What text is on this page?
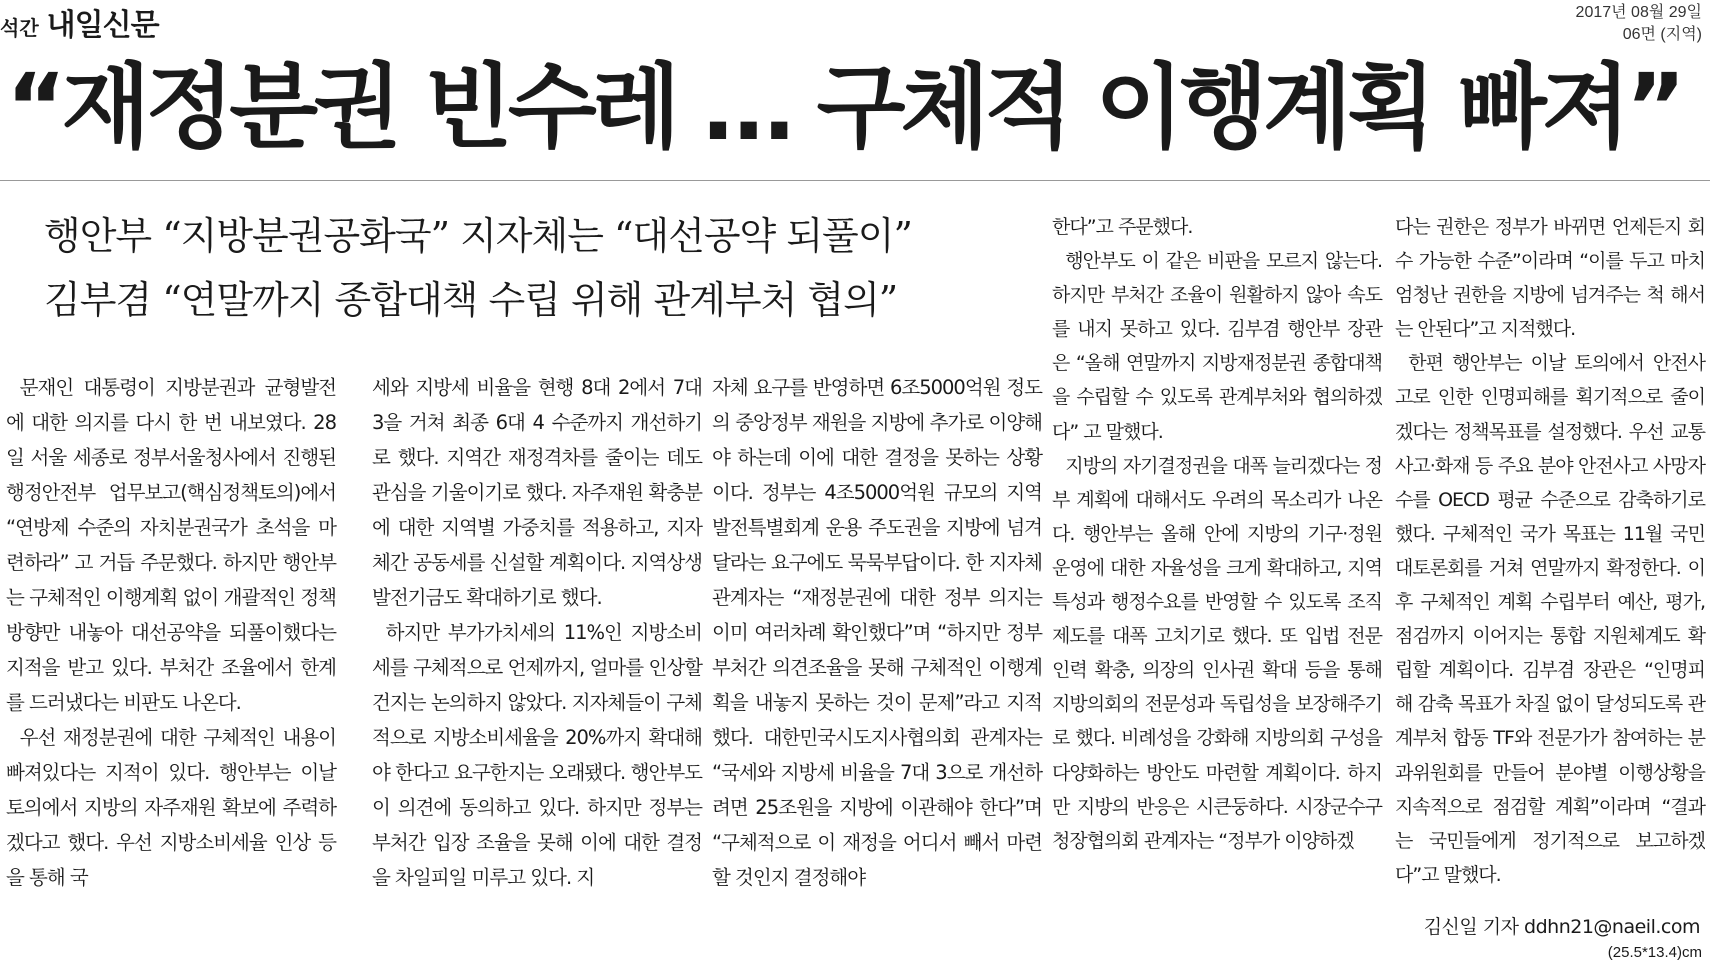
석간 내일신문	2017년 08월 29일
06면 (지역)
“재정분권 빈수레 … 구체적 이행계획 빠져”
행안부 “지방분권공화국” 지자체는 “대선공약 되풀이”
김부겸 “연말까지 종합대책 수립 위해 관계부처 협의”

문재인 대통령이 지방분권과 균형발전에 대한 의지를 다시 한 번 내보였다. 28일 서울 세종로 정부서울청사에서 진행된 행정안전부 업무보고(핵심정책토의)에서 “연방제 수준의 자치분권국가 초석을 마련하라” 고 거듭 주문했다. 하지만 행안부는 구체적인 이행계획 없이 개괄적인 정책방향만 내놓아 대선공약을 되풀이했다는 지적을 받고 있다. 부처간 조율에서 한계를 드러냈다는 비판도 나온다.

우선 재정분권에 대한 구체적인 내용이 빠져있다는 지적이 있다. 행안부는 이날 토의에서 지방의 자주재원 확보에 주력하겠다고 했다. 우선 지방소비세율 인상 등을 통해 국

세와 지방세 비율을 현행 8대 2에서 7대 3을 거쳐 최종 6대 4 수준까지 개선하기로 했다. 지역간 재정격차를 줄이는 데도 관심을 기울이기로 했다. 자주재원 확충분에 대한 지역별 가중치를 적용하고, 지자체간 공동세를 신설할 계획이다. 지역상생발전기금도 확대하기로 했다.

하지만 부가가치세의 11%인 지방소비세를 구체적으로 언제까지, 얼마를 인상할 건지는 논의하지 않았다. 지자체들이 구체적으로 지방소비세율을 20%까지 확대해야 한다고 요구한지는 오래됐다. 행안부도 이 의견에 동의하고 있다. 하지만 정부는 부처간 입장 조율을 못해 이에 대한 결정을 차일피일 미루고 있다. 지

자체 요구를 반영하면 6조5000억원 정도의 중앙정부 재원을 지방에 추가로 이양해야 하는데 이에 대한 결정을 못하는 상황이다. 정부는 4조5000억원 규모의 지역발전특별회계 운용 주도권을 지방에 넘겨달라는 요구에도 묵묵부답이다. 한 지자체 관계자는 “재정분권에 대한 정부 의지는 이미 여러차례 확인했다”며 “하지만 정부 부처간 의견조율을 못해 구체적인 이행계획을 내놓지 못하는 것이 문제”라고 지적했다. 대한민국시도지사협의회 관계자는 “국세와 지방세 비율을 7대 3으로 개선하려면 25조원을 지방에 이관해야 한다”며 “구체적으로 이 재정을 어디서 빼서 마련할 것인지 결정해야

한다”고 주문했다.

행안부도 이 같은 비판을 모르지 않는다. 하지만 부처간 조율이 원활하지 않아 속도를 내지 못하고 있다. 김부겸 행안부 장관은 “올해 연말까지 지방재정분권 종합대책을 수립할 수 있도록 관계부처와 협의하겠다” 고 말했다.

지방의 자기결정권을 대폭 늘리겠다는 정부 계획에 대해서도 우려의 목소리가 나온다. 행안부는 올해 안에 지방의 기구·정원 운영에 대한 자율성을 크게 확대하고, 지역특성과 행정수요를 반영할 수 있도록 조직제도를 대폭 고치기로 했다. 또 입법 전문인력 확충, 의장의 인사권 확대 등을 통해 지방의회의 전문성과 독립성을 보장해주기로 했다. 비례성을 강화해 지방의회 구성을 다양화하는 방안도 마련할 계획이다. 하지만 지방의 반응은 시큰둥하다. 시장군수구청장협의회 관계자는 “정부가 이양하겠

다는 권한은 정부가 바뀌면 언제든지 회수 가능한 수준”이라며 “이를 두고 마치 엄청난 권한을 지방에 넘겨주는 척 해서는 안된다”고 지적했다.

한편 행안부는 이날 토의에서 안전사고로 인한 인명피해를 획기적으로 줄이겠다는 정책목표를 설정했다. 우선 교통사고·화재 등 주요 분야 안전사고 사망자 수를 OECD 평균 수준으로 감축하기로 했다. 구체적인 국가 목표는 11월 국민 대토론회를 거쳐 연말까지 확정한다. 이후 구체적인 계획 수립부터 예산, 평가, 점검까지 이어지는 통합 지원체계도 확립할 계획이다. 김부겸 장관은 “인명피해 감축 목표가 차질 없이 달성되도록 관계부처 합동 TF와 전문가가 참여하는 분과위원회를 만들어 분야별 이행상황을 지속적으로 점검할 계획”이라며 “결과는 국민들에게 정기적으로 보고하겠다”고 말했다.

김신일 기자 ddhn21@naeil.com
(25.5*13.4)cm
